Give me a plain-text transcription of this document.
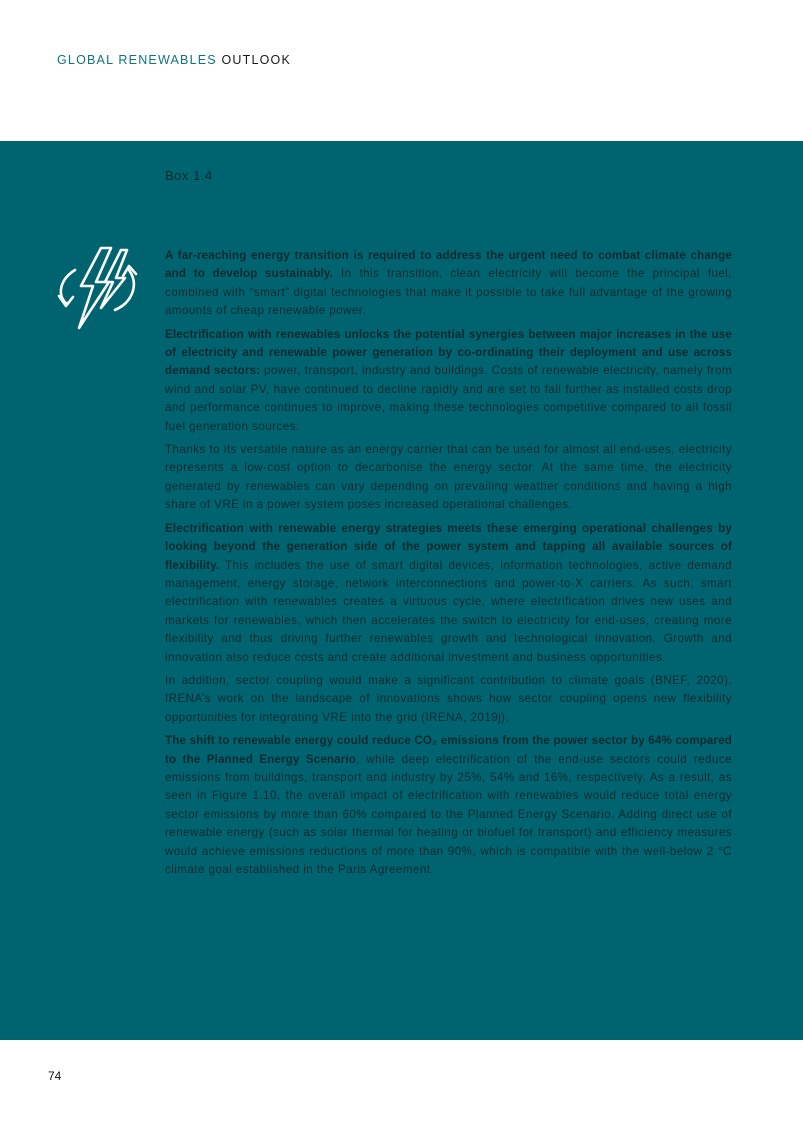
GLOBAL RENEWABLES OUTLOOK
Box 1.4

A far-reaching energy transition is required to address the urgent need to combat climate change and to develop sustainably. In this transition, clean electricity will become the principal fuel, combined with “smart” digital technologies that make it possible to take full advantage of the growing amounts of cheap renewable power.

Electrification with renewables unlocks the potential synergies between major increases in the use of electricity and renewable power generation by co-ordinating their deployment and use across demand sectors: power, transport, industry and buildings. Costs of renewable electricity, namely from wind and solar PV, have continued to decline rapidly and are set to fall further as installed costs drop and performance continues to improve, making these technologies competitive compared to all fossil fuel generation sources.

Thanks to its versatile nature as an energy carrier that can be used for almost all end-uses, electricity represents a low-cost option to decarbonise the energy sector. At the same time, the electricity generated by renewables can vary depending on prevailing weather conditions and having a high share of VRE in a power system poses increased operational challenges.

Electrification with renewable energy strategies meets these emerging operational challenges by looking beyond the generation side of the power system and tapping all available sources of flexibility. This includes the use of smart digital devices, information technologies, active demand management, energy storage, network interconnections and power-to-X carriers. As such, smart electrification with renewables creates a virtuous cycle, where electrification drives new uses and markets for renewables, which then accelerates the switch to electricity for end-uses, creating more flexibility and thus driving further renewables growth and technological innovation. Growth and innovation also reduce costs and create additional investment and business opportunities.

In addition, sector coupling would make a significant contribution to climate goals (BNEF, 2020). IRENA’s work on the landscape of innovations shows how sector coupling opens new flexibility opportunities for integrating VRE into the grid (IRENA, 2019j).

The shift to renewable energy could reduce CO₂ emissions from the power sector by 64% compared to the Planned Energy Scenario, while deep electrification of the end-use sectors could reduce emissions from buildings, transport and industry by 25%, 54% and 16%, respectively. As a result, as seen in Figure 1.10, the overall impact of electrification with renewables would reduce total energy sector emissions by more than 60% compared to the Planned Energy Scenario. Adding direct use of renewable energy (such as solar thermal for heating or biofuel for transport) and efficiency measures would achieve emissions reductions of more than 90%, which is compatible with the well-below 2 °C climate goal established in the Paris Agreement.

74
